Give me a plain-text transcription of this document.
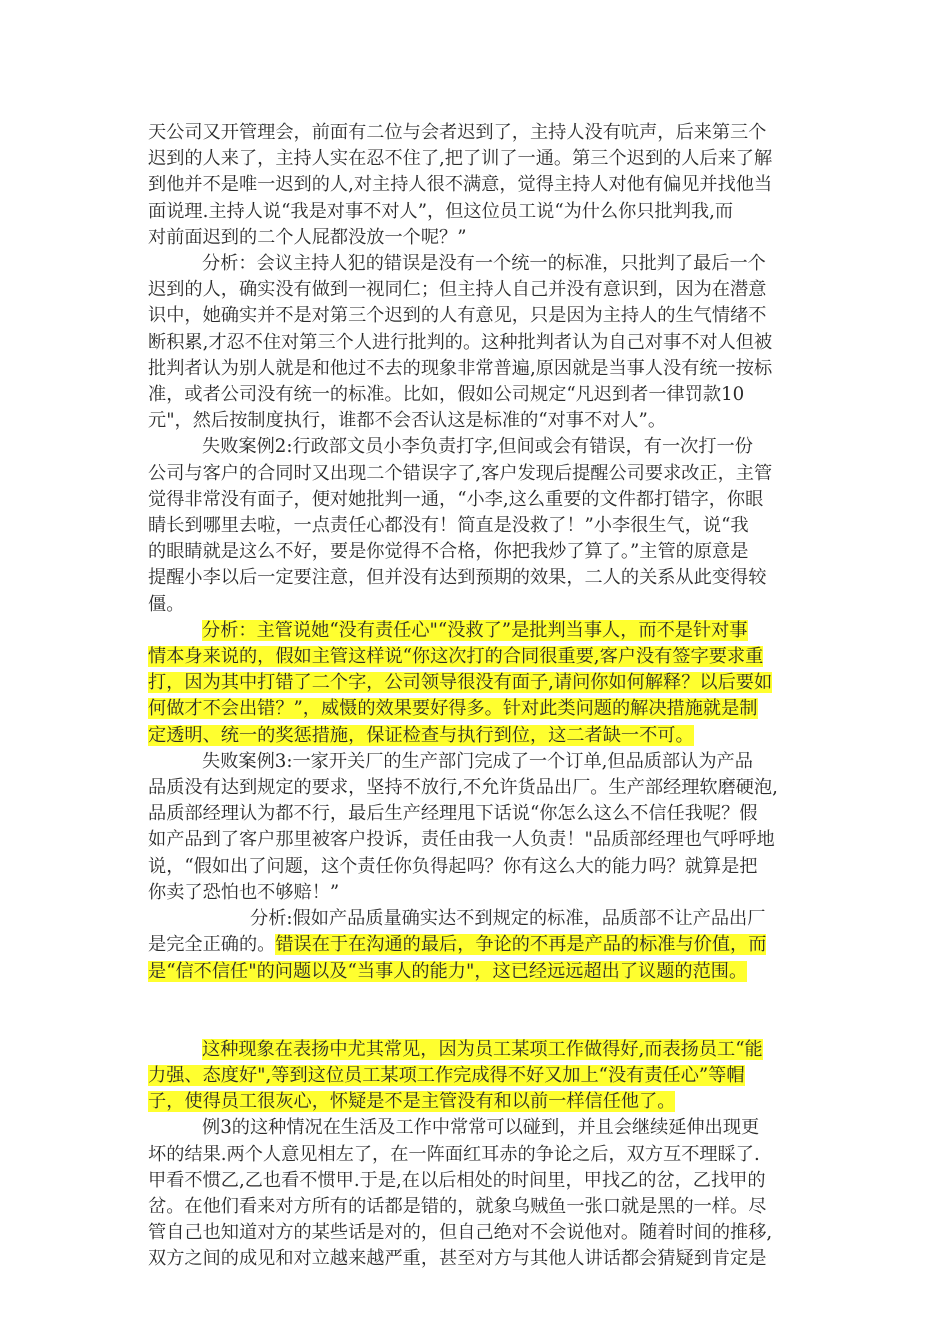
天公司又开管理会，前面有二位与会者迟到了，主持人没有吭声，后来第三个
迟到的人来了，主持人实在忍不住了,把了训了一通。第三个迟到的人后来了解
到他并不是唯一迟到的人,对主持人很不满意，觉得主持人对他有偏见并找他当
面说理.主持人说“我是对事不对人”，但这位员工说“为什么你只批判我,而
对前面迟到的二个人屁都没放一个呢？”
分析：会议主持人犯的错误是没有一个统一的标准，只批判了最后一个
迟到的人，确实没有做到一视同仁；但主持人自己并没有意识到，因为在潜意
识中，她确实并不是对第三个迟到的人有意见，只是因为主持人的生气情绪不
断积累,才忍不住对第三个人进行批判的。这种批判者认为自己对事不对人但被
批判者认为别人就是和他过不去的现象非常普遍,原因就是当事人没有统一按标
准，或者公司没有统一的标准。比如，假如公司规定“凡迟到者一律罚款10
元"，然后按制度执行，谁都不会否认这是标准的“对事不对人”。
失败案例2:行政部文员小李负责打字,但间或会有错误，有一次打一份
公司与客户的合同时又出现二个错误字了,客户发现后提醒公司要求改正，主管
觉得非常没有面子，便对她批判一通，“小李,这么重要的文件都打错字，你眼
睛长到哪里去啦，一点责任心都没有！简直是没救了！”小李很生气，说“我
的眼睛就是这么不好，要是你觉得不合格，你把我炒了算了。”主管的原意是
提醒小李以后一定要注意，但并没有达到预期的效果，二人的关系从此变得较
僵。
分析：主管说她“没有责任心"“没救了”是批判当事人，而不是针对事
情本身来说的，假如主管这样说“你这次打的合同很重要,客户没有签字要求重
打，因为其中打错了二个字，公司领导很没有面子,请问你如何解释？以后要如
何做才不会出错？”，威慑的效果要好得多。针对此类问题的解决措施就是制
定透明、统一的奖惩措施，保证检查与执行到位，这二者缺一不可。
失败案例3:一家开关厂的生产部门完成了一个订单,但品质部认为产品
品质没有达到规定的要求，坚持不放行,不允许货品出厂。生产部经理软磨硬泡,
品质部经理认为都不行，最后生产经理甩下话说“你怎么这么不信任我呢？假
如产品到了客户那里被客户投诉，责任由我一人负责！"品质部经理也气呼呼地
说，“假如出了问题，这个责任你负得起吗？你有这么大的能力吗？就算是把
你卖了恐怕也不够赔！”
分析:假如产品质量确实达不到规定的标准，品质部不让产品出厂
是完全正确的。错误在于在沟通的最后，争论的不再是产品的标准与价值，而
是“信不信任"的问题以及“当事人的能力"，这已经远远超出了议题的范围。
这种现象在表扬中尤其常见，因为员工某项工作做得好,而表扬员工“能
力强、态度好",等到这位员工某项工作完成得不好又加上“没有责任心”等帽
子，使得员工很灰心，怀疑是不是主管没有和以前一样信任他了。
例3的这种情况在生活及工作中常常可以碰到，并且会继续延伸出现更
坏的结果.两个人意见相左了，在一阵面红耳赤的争论之后，双方互不理睬了.
甲看不惯乙,乙也看不惯甲.于是,在以后相处的时间里，甲找乙的岔，乙找甲的
岔。在他们看来对方所有的话都是错的，就象乌贼鱼一张口就是黑的一样。尽
管自己也知道对方的某些话是对的，但自己绝对不会说他对。随着时间的推移,
双方之间的成见和对立越来越严重，甚至对方与其他人讲话都会猜疑到肯定是
